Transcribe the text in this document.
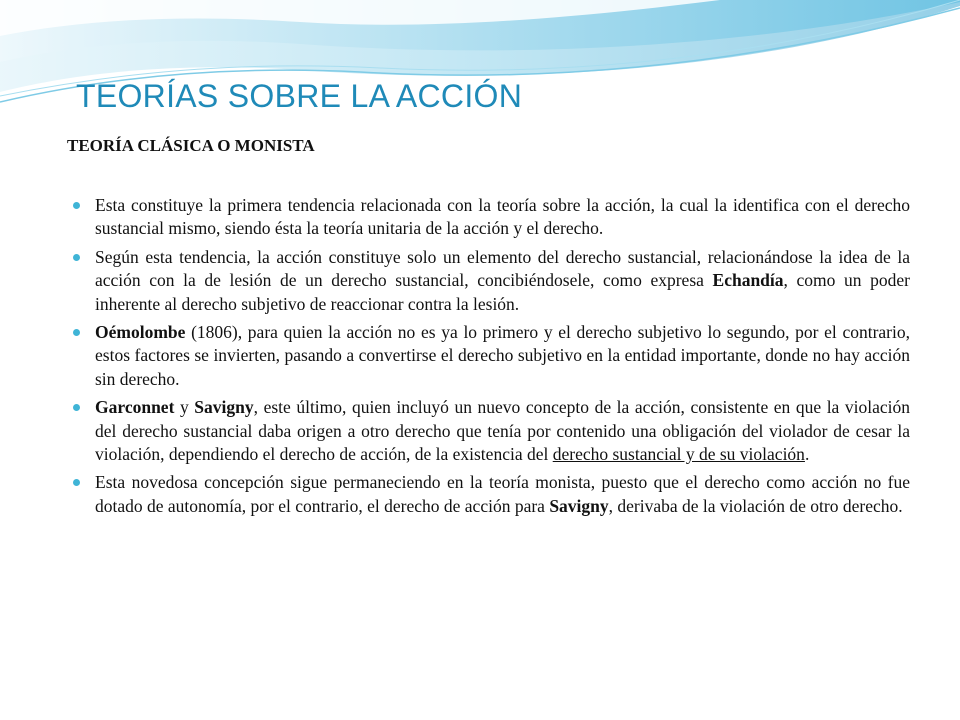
TEORÍAS SOBRE LA ACCIÓN

TEORÍA CLÁSICA O MONISTA

Esta constituye la primera tendencia relacionada con la teoría sobre la acción, la cual la identifica con el derecho sustancial mismo, siendo ésta la teoría unitaria de la acción y el derecho.
Según esta tendencia, la acción constituye solo un elemento del derecho sustancial, relacionándose la idea de la acción con la de lesión de un derecho sustancial, concibiéndosele, como expresa Echandía, como un poder inherente al derecho subjetivo de reaccionar contra la lesión.
Oémolombe (1806), para quien la acción no es ya lo primero y el derecho subjetivo lo segundo, por el contrario, estos factores se invierten, pasando a convertirse el derecho subjetivo en la entidad importante, donde no hay acción sin derecho.
Garconnet y Savigny, este último, quien incluyó un nuevo concepto de la acción, consistente en que la violación del derecho sustancial daba origen a otro derecho que tenía por contenido una obligación del violador de cesar la violación, dependiendo el derecho de acción, de la existencia del derecho sustancial y de su violación.
Esta novedosa concepción sigue permaneciendo en la teoría monista, puesto que el derecho como acción no fue dotado de autonomía, por el contrario, el derecho de acción para Savigny, derivaba de la violación de otro derecho.
